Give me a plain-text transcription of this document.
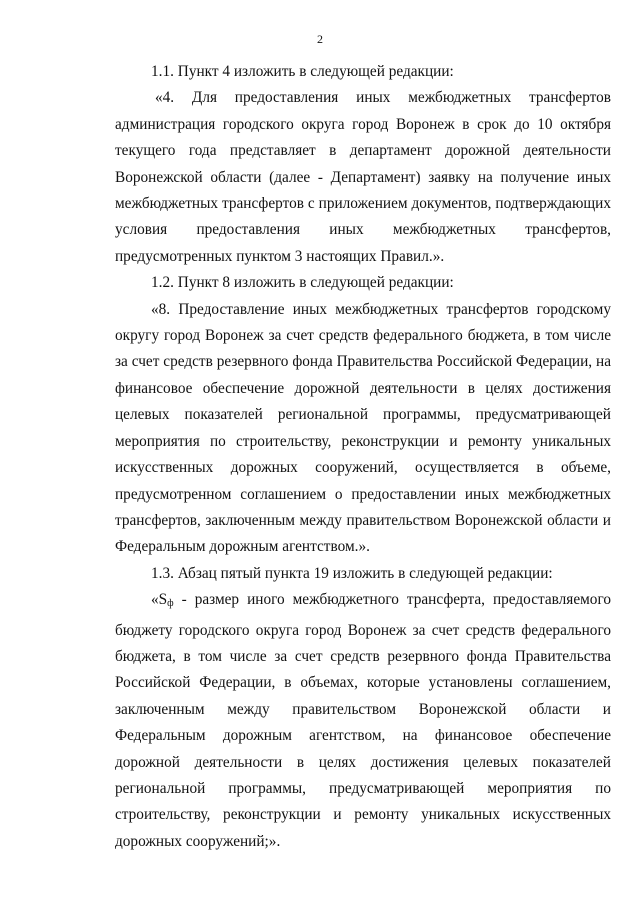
2

1.1. Пункт 4 изложить в следующей редакции:

«4. Для предоставления иных межбюджетных трансфертов администрация городского округа город Воронеж в срок до 10 октября текущего года представляет в департамент дорожной деятельности Воронежской области (далее - Департамент) заявку на получение иных межбюджетных трансфертов с приложением документов, подтверждающих условия предоставления иных межбюджетных трансфертов, предусмотренных пунктом 3 настоящих Правил.».

1.2. Пункт 8 изложить в следующей редакции:

«8. Предоставление иных межбюджетных трансфертов городскому округу город Воронеж за счет средств федерального бюджета, в том числе за счет средств резервного фонда Правительства Российской Федерации, на финансовое обеспечение дорожной деятельности в целях достижения целевых показателей региональной программы, предусматривающей мероприятия по строительству, реконструкции и ремонту уникальных искусственных дорожных сооружений, осуществляется в объеме, предусмотренном соглашением о предоставлении иных межбюджетных трансфертов, заключенным между правительством Воронежской области и Федеральным дорожным агентством.».

1.3. Абзац пятый пункта 19 изложить в следующей редакции:

«$S_ф$ - размер иного межбюджетного трансферта, предоставляемого бюджету городского округа город Воронеж за счет средств федерального бюджета, в том числе за счет средств резервного фонда Правительства Российской Федерации, в объемах, которые установлены соглашением, заключенным между правительством Воронежской области и Федеральным дорожным агентством, на финансовое обеспечение дорожной деятельности в целях достижения целевых показателей региональной программы, предусматривающей мероприятия по строительству, реконструкции и ремонту уникальных искусственных дорожных сооружений;».
